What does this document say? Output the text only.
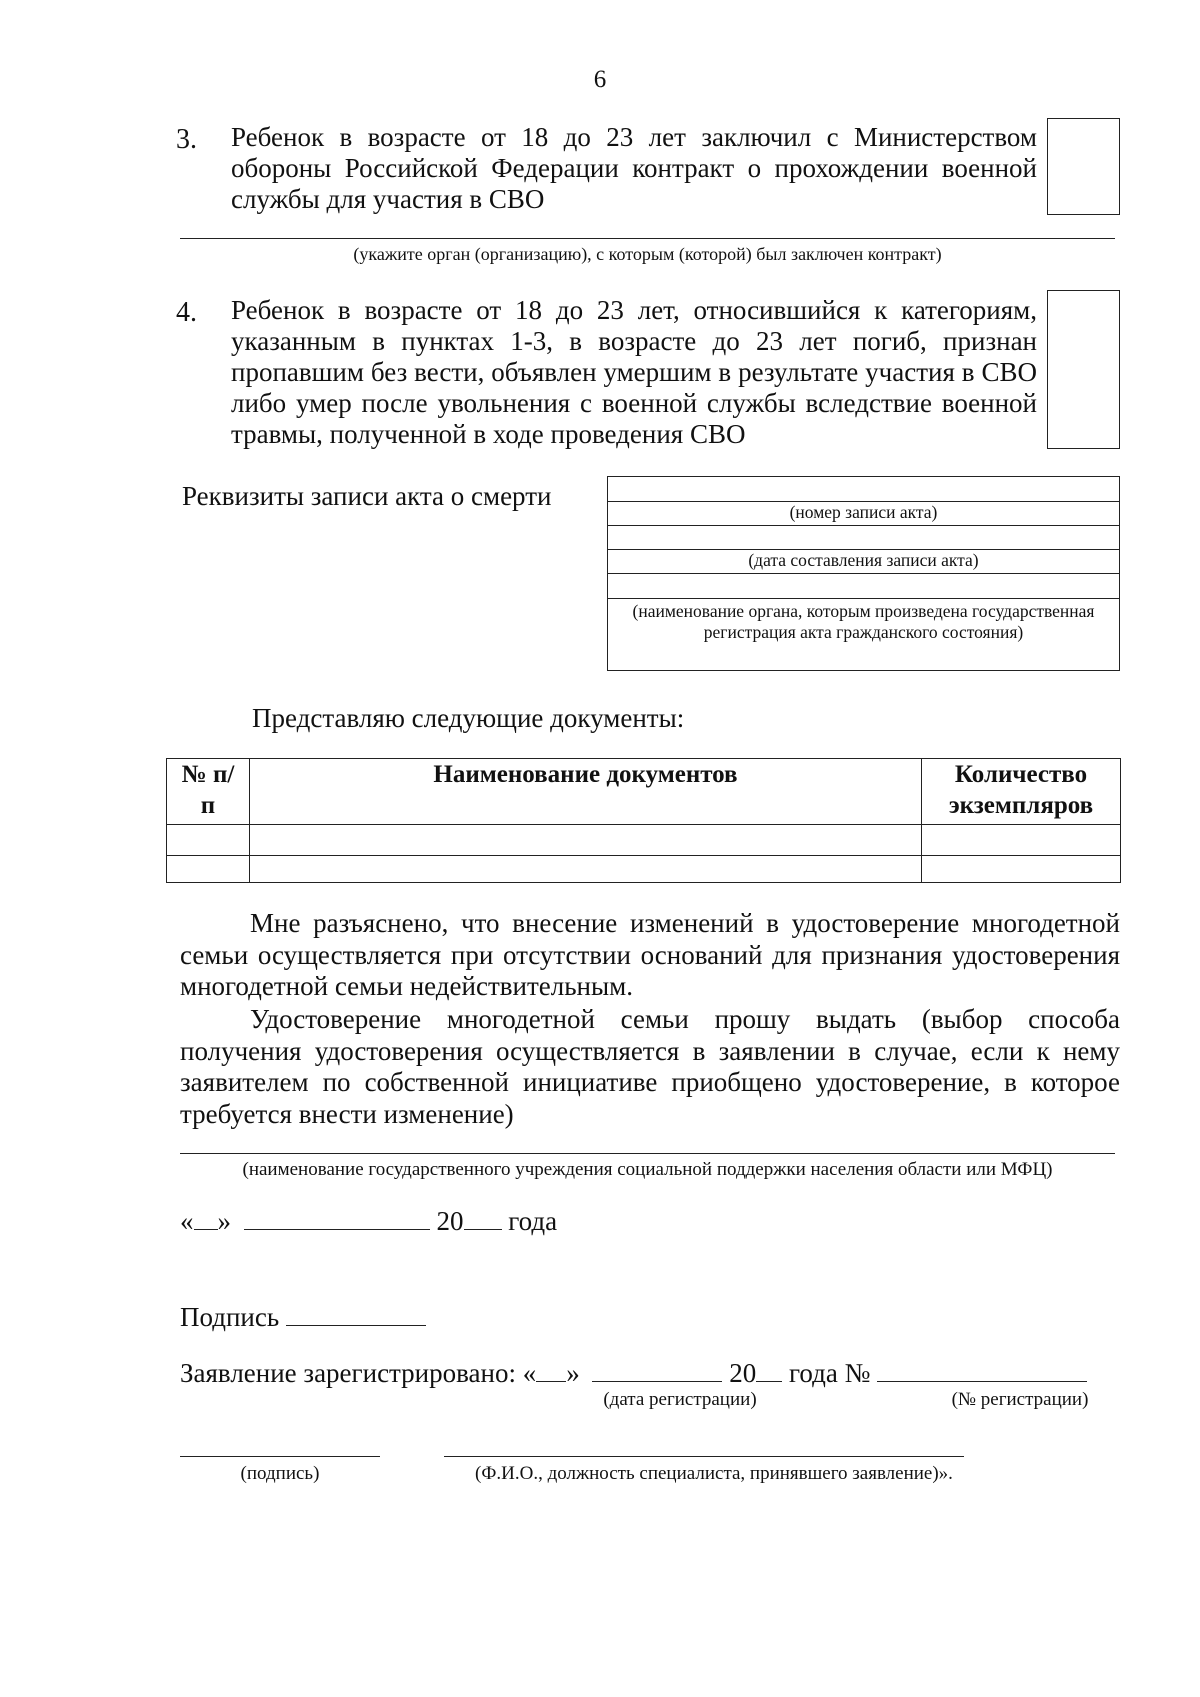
6
3. Ребенок в возрасте от 18 до 23 лет заключил с Министерством обороны Российской Федерации контракт о прохождении военной службы для участия в СВО
(укажите орган (организацию), с которым (которой) был заключен контракт)
4. Ребенок в возрасте от 18 до 23 лет, относившийся к категориям, указанным в пунктах 1-3, в возрасте до 23 лет погиб, признан пропавшим без вести, объявлен умершим в результате участия в СВО либо умер после увольнения с военной службы вследствие военной травмы, полученной в ходе проведения СВО
Реквизиты записи акта о смерти
(номер записи акта)
(дата составления записи акта)
(наименование органа, которым произведена государственная регистрация акта гражданского состояния)
Представляю следующие документы:
№ п/п	Наименование документов	Количество экземпляров

Мне разъяснено, что внесение изменений в удостоверение многодетной семьи осуществляется при отсутствии оснований для признания удостоверения многодетной семьи недействительным.
Удостоверение многодетной семьи прошу выдать (выбор способа получения удостоверения осуществляется в заявлении в случае, если к нему заявителем по собственной инициативе приобщено удостоверение, в которое требуется внести изменение)
(наименование государственного учреждения социальной поддержки населения области или МФЦ)
« »	20 года
Подпись
Заявление зарегистрировано: « »	20 года №
(дата регистрации)	(№ регистрации)
(подпись)	(Ф.И.О., должность специалиста, принявшего заявление)».
